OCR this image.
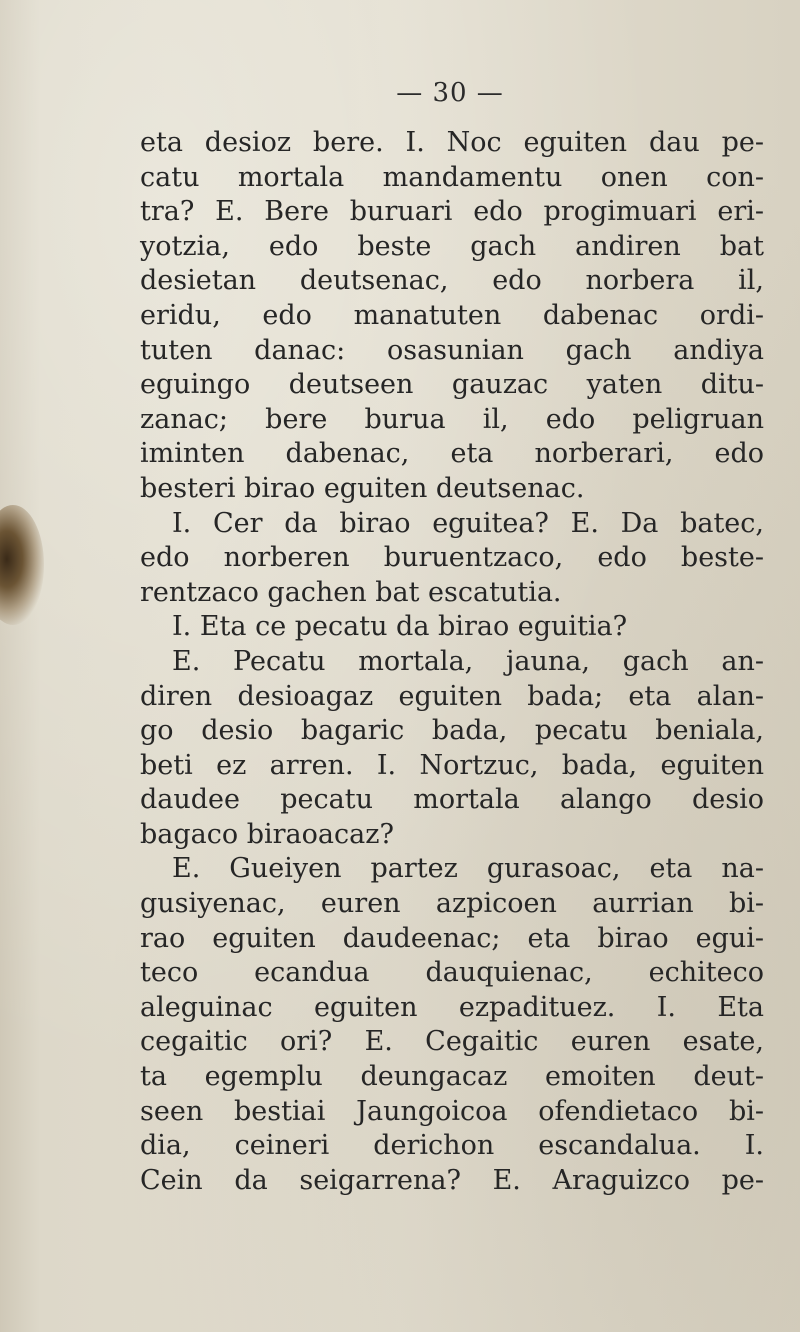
— 30 —
eta desioz bere. I. Noc eguiten dau pe-
catu mortala mandamentu onen con-
tra? E. Bere buruari edo progimuari eri-
yotzia, edo beste gach andiren bat
desietan deutsenac, edo norbera il,
eridu, edo manatuten dabenac ordi-
tuten danac: osasunian gach andiya
eguingo deutseen gauzac yaten ditu-
zanac; bere burua il, edo peligruan
iminten dabenac, eta norberari, edo
besteri birao eguiten deutsenac.
I. Cer da birao eguitea? E. Da batec,
edo norberen buruentzaco, edo beste-
rentzaco gachen bat escatutia.
I. Eta ce pecatu da birao eguitia?
E. Pecatu mortala, jauna, gach an-
diren desioagaz eguiten bada; eta alan-
go desio bagaric bada, pecatu beniala,
beti ez arren. I. Nortzuc, bada, eguiten
daudee pecatu mortala alango desio
bagaco biraoacaz?
E. Gueiyen partez gurasoac, eta na-
gusiyenac, euren azpicoen aurrian bi-
rao eguiten daudeenac; eta birao egui-
teco ecandua dauquienac, echiteco
aleguinac eguiten ezpadituez. I. Eta
cegaitic ori? E. Cegaitic euren esate,
ta egemplu deungacaz emoiten deut-
seen bestiai Jaungoicoa ofendietaco bi-
dia, ceineri derichon escandalua. I.
Cein da seigarrena? E. Araguizco pe-
